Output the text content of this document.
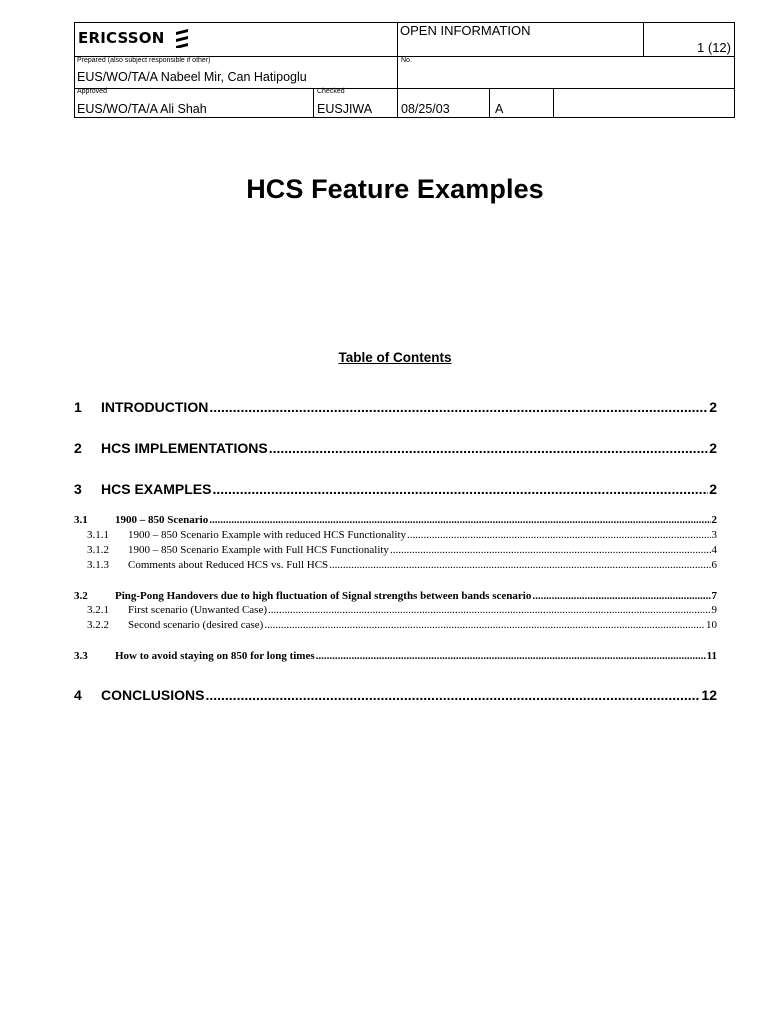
ERICSSON	OPEN INFORMATION
1 (12)
Prepared (also subject responsible if other)	No.
EUS/WO/TA/A Nabeel Mir, Can Hatipoglu
Approved	Checked
EUS/WO/TA/A Ali Shah	EUSJIWA 08/25/03	A
HCS Feature Examples
Table of Contents
1	INTRODUCTION .....	2
2	HCS IMPLEMENTATIONS .....	2
3	HCS EXAMPLES .....	2
3.1	1900 – 850 Scenario .....	2
3.1.1	1900 – 850 Scenario Example with reduced HCS Functionality .....	3
3.1.2	1900 – 850 Scenario Example with Full HCS Functionality .....	4
3.1.3	Comments about Reduced HCS vs. Full HCS .....	6
3.2	Ping-Pong Handovers due to high fluctuation of Signal strengths between bands scenario .....	7
3.2.1	First scenario (Unwanted Case) .....	9
3.2.2	Second scenario (desired case) .....	10
3.3	How to avoid staying on 850 for long times .....	11
4	CONCLUSIONS .....	12
